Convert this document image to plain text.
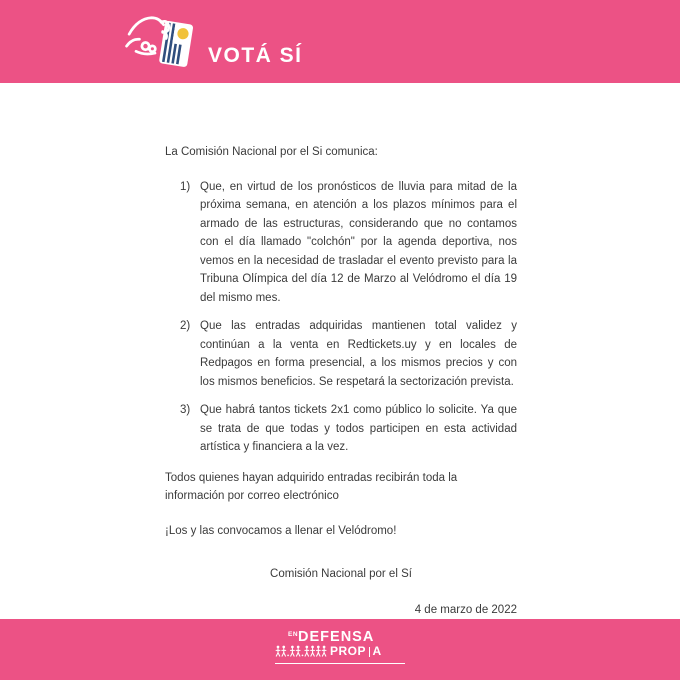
VOTÁ SÍ

La Comisión Nacional por el Si comunica:

1) Que, en virtud de los pronósticos de lluvia para mitad de la próxima semana, en atención a los plazos mínimos para el armado de las estructuras, considerando que no contamos con el día llamado "colchón" por la agenda deportiva, nos vemos en la necesidad de trasladar el evento previsto para la Tribuna Olímpica del día 12 de Marzo al Velódromo el día 19 del mismo mes.
2) Que las entradas adquiridas mantienen total validez y continúan a la venta en Redtickets.uy y en locales de Redpagos en forma presencial, a los mismos precios y con los mismos beneficios. Se respetará la sectorización prevista.
3) Que habrá tantos tickets 2x1 como público lo solicite. Ya que se trata de que todas y todos participen en esta actividad artística y financiera a la vez.

Todos quienes hayan adquirido entradas recibirán toda la información por correo electrónico

¡Los y las convocamos a llenar el Velódromo!

Comisión Nacional por el Sí

4 de marzo de 2022

$^{EN}$DEFENSA
PROP A
